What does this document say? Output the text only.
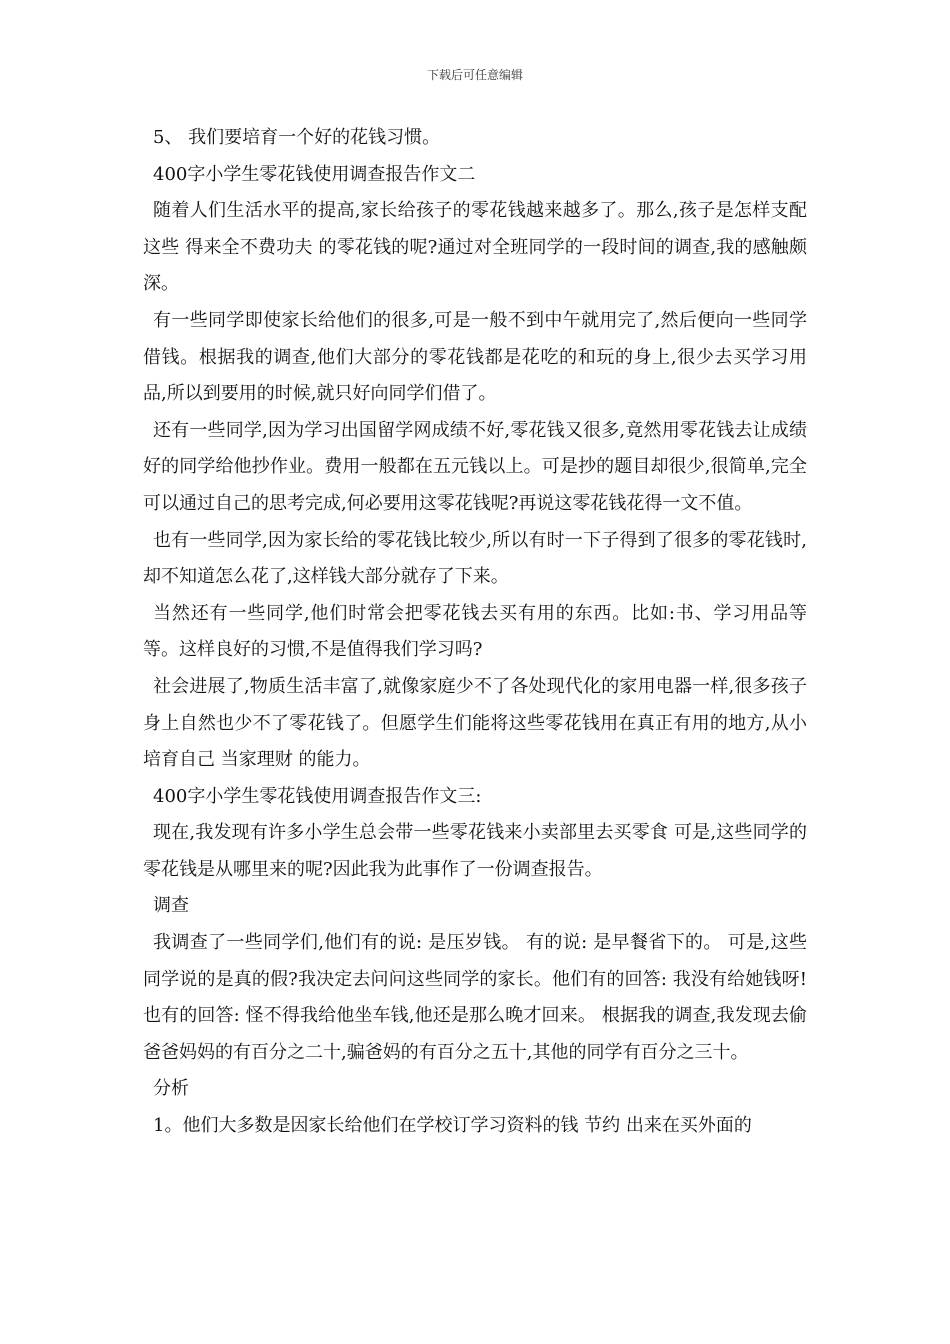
下载后可任意编辑

5、 我们要培育一个好的花钱习惯。

400字小学生零花钱使用调查报告作文二

随着人们生活水平的提高,家长给孩子的零花钱越来越多了。那么,孩子是怎样支配这些 得来全不费功夫 的零花钱的呢?通过对全班同学的一段时间的调查,我的感触颇深。

有一些同学即使家长给他们的很多,可是一般不到中午就用完了,然后便向一些同学借钱。根据我的调查,他们大部分的零花钱都是花吃的和玩的身上,很少去买学习用品,所以到要用的时候,就只好向同学们借了。

还有一些同学,因为学习出国留学网成绩不好,零花钱又很多,竟然用零花钱去让成绩好的同学给他抄作业。费用一般都在五元钱以上。可是抄的题目却很少,很简单,完全可以通过自己的思考完成,何必要用这零花钱呢?再说这零花钱花得一文不值。

也有一些同学,因为家长给的零花钱比较少,所以有时一下子得到了很多的零花钱时,却不知道怎么花了,这样钱大部分就存了下来。

当然还有一些同学,他们时常会把零花钱去买有用的东西。比如:书、学习用品等等。这样良好的习惯,不是值得我们学习吗?

社会进展了,物质生活丰富了,就像家庭少不了各处现代化的家用电器一样,很多孩子身上自然也少不了零花钱了。但愿学生们能将这些零花钱用在真正有用的地方,从小培育自己 当家理财 的能力。

400字小学生零花钱使用调查报告作文三:

现在,我发现有许多小学生总会带一些零花钱来小卖部里去买零食 可是,这些同学的零花钱是从哪里来的呢?因此我为此事作了一份调查报告。

调查

我调查了一些同学们,他们有的说: 是压岁钱。 有的说: 是早餐省下的。 可是,这些同学说的是真的假?我决定去问问这些同学的家长。他们有的回答: 我没有给她钱呀! 也有的回答: 怪不得我给他坐车钱,他还是那么晚才回来。 根据我的调查,我发现去偷爸爸妈妈的有百分之二十,骗爸妈的有百分之五十,其他的同学有百分之三十。

分析

1。他们大多数是因家长给他们在学校订学习资料的钱 节约 出来在买外面的
